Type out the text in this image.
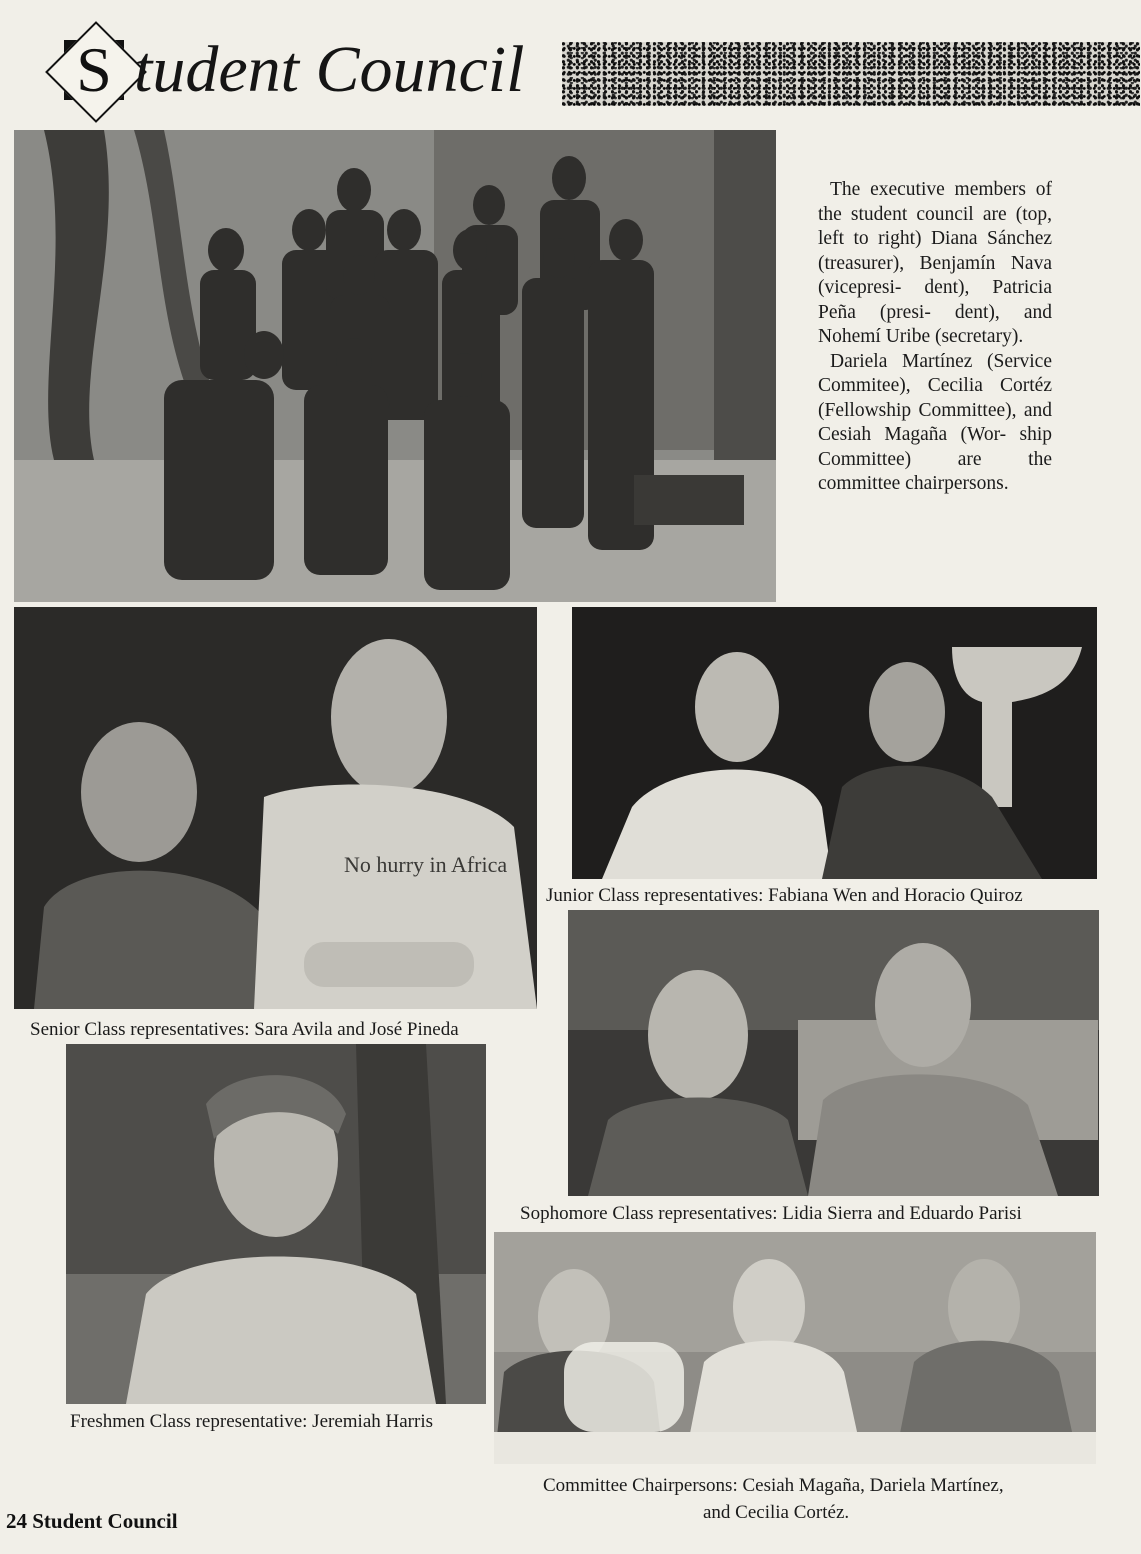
S tudent Council

The executive members of the student council are (top, left to right) Diana Sánchez (treasurer), Benjamín Nava (vicepresi- dent), Patricia Peña (presi- dent), and Nohemí Uribe (secretary).

Dariela Martínez (Service Commitee), Cecilia Cortéz (Fellowship Committee), and Cesiah Magaña (Wor- ship Committee) are the committee chairpersons.

No hurry in Africa
Senior Class representatives: Sara Avila and José Pineda
Junior Class representatives: Fabiana Wen and Horacio Quiroz
Sophomore Class representatives: Lidia Sierra and Eduardo Parisi
Freshmen Class representative: Jeremiah Harris
Committee Chairpersons: Cesiah Magaña, Dariela Martínez,
and Cecilia Cortéz.
24 Student Council
